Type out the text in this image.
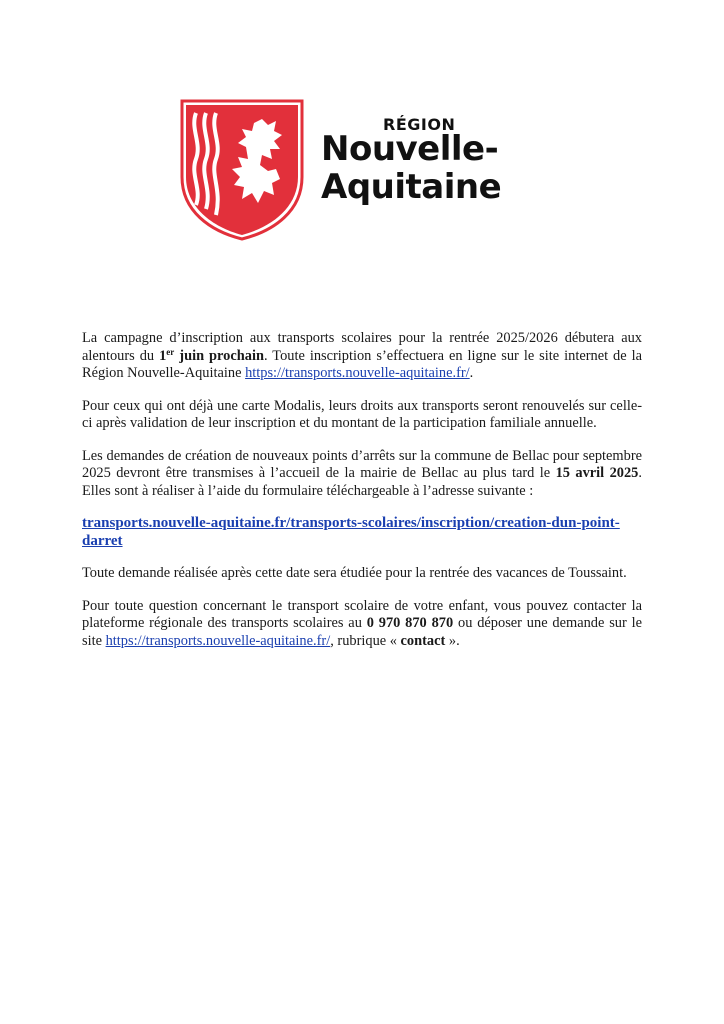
RÉGION
Nouvelle-
Aquitaine

La campagne d’inscription aux transports scolaires pour la rentrée 2025/2026 débutera aux alentours du 1er juin prochain. Toute inscription s’effectuera en ligne sur le site internet de la Région Nouvelle-Aquitaine https://transports.nouvelle-aquitaine.fr/.

Pour ceux qui ont déjà une carte Modalis, leurs droits aux transports seront renouvelés sur celle-ci après validation de leur inscription et du montant de la participation familiale annuelle.

Les demandes de création de nouveaux points d’arrêts sur la commune de Bellac pour septembre 2025 devront être transmises à l’accueil de la mairie de Bellac au plus tard le 15 avril 2025. Elles sont à réaliser à l’aide du formulaire téléchargeable à l’adresse suivante :

transports.nouvelle-aquitaine.fr/transports-scolaires/inscription/creation-dun-point-darret

Toute demande réalisée après cette date sera étudiée pour la rentrée des vacances de Toussaint.

Pour toute question concernant le transport scolaire de votre enfant, vous pouvez contacter la plateforme régionale des transports scolaires au 0 970 870 870 ou déposer une demande sur le site https://transports.nouvelle-aquitaine.fr/, rubrique « contact ».
